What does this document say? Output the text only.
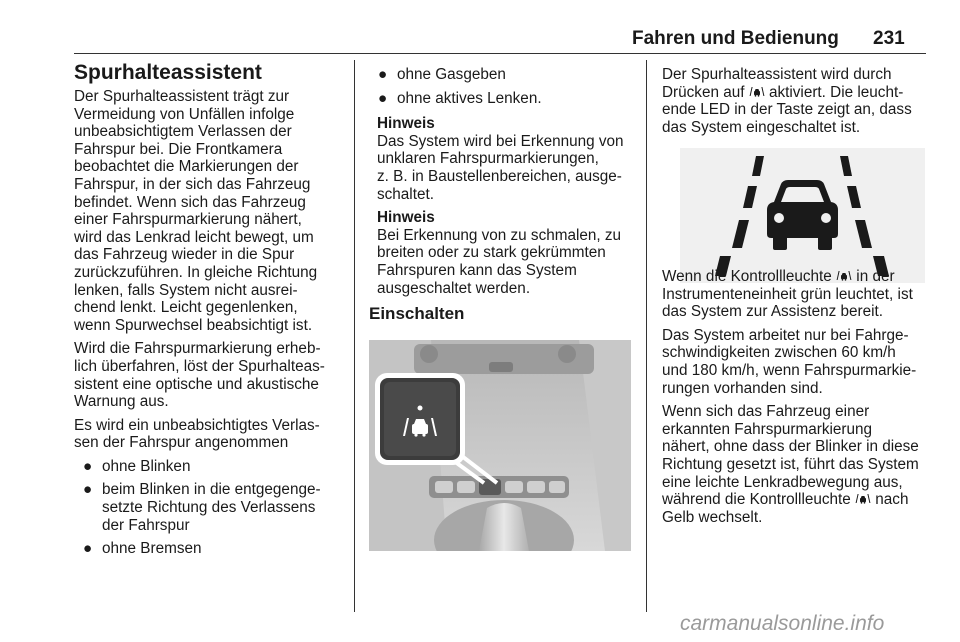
Fahren und Bedienung	231
Spurhalteassistent

Der Spurhalteassistent trägt zur
Vermeidung von Unfällen infolge
unbeabsichtigtem Verlassen der
Fahrspur bei. Die Frontkamera
beobachtet die Markierungen der
Fahrspur, in der sich das Fahrzeug
befindet. Wenn sich das Fahrzeug
einer Fahrspurmarkierung nähert,
wird das Lenkrad leicht bewegt, um
das Fahrzeug wieder in die Spur
zurückzuführen. In gleiche Richtung
lenken, falls System nicht ausrei-
chend lenkt. Leicht gegenlenken,
wenn Spurwechsel beabsichtigt ist.

Wird die Fahrspurmarkierung erheb-
lich überfahren, löst der Spurhalteas-
sistent eine optische und akustische
Warnung aus.

Es wird ein unbeabsichtigtes Verlas-
sen der Fahrspur angenommen

● ohne Blinken
● beim Blinken in die entgegenge-
setzte Richtung des Verlassens
der Fahrspur
● ohne Bremsen
● ohne Gasgeben
● ohne aktives Lenken.
Hinweis
Das System wird bei Erkennung von
unklaren Fahrspurmarkierungen,
z. B. in Baustellenbereichen, ausge-
schaltet.
Hinweis
Bei Erkennung von zu schmalen, zu
breiten oder zu stark gekrümmten
Fahrspuren kann das System
ausgeschaltet werden.
Einschalten

Der Spurhalteassistent wird durch
Drücken auf aktiviert. Die leucht-
ende LED in der Taste zeigt an, dass
das System eingeschaltet ist.

Wenn die Kontrollleuchte in der
Instrumenteneinheit grün leuchtet, ist
das System zur Assistenz bereit.

Das System arbeitet nur bei Fahrge-
schwindigkeiten zwischen 60 km/h
und 180 km/h, wenn Fahrspurmarkie-
rungen vorhanden sind.

Wenn sich das Fahrzeug einer
erkannten Fahrspurmarkierung
nähert, ohne dass der Blinker in diese
Richtung gesetzt ist, führt das System
eine leichte Lenkradbewegung aus,
während die Kontrollleuchte nach
Gelb wechselt.

carmanualsonline.info
